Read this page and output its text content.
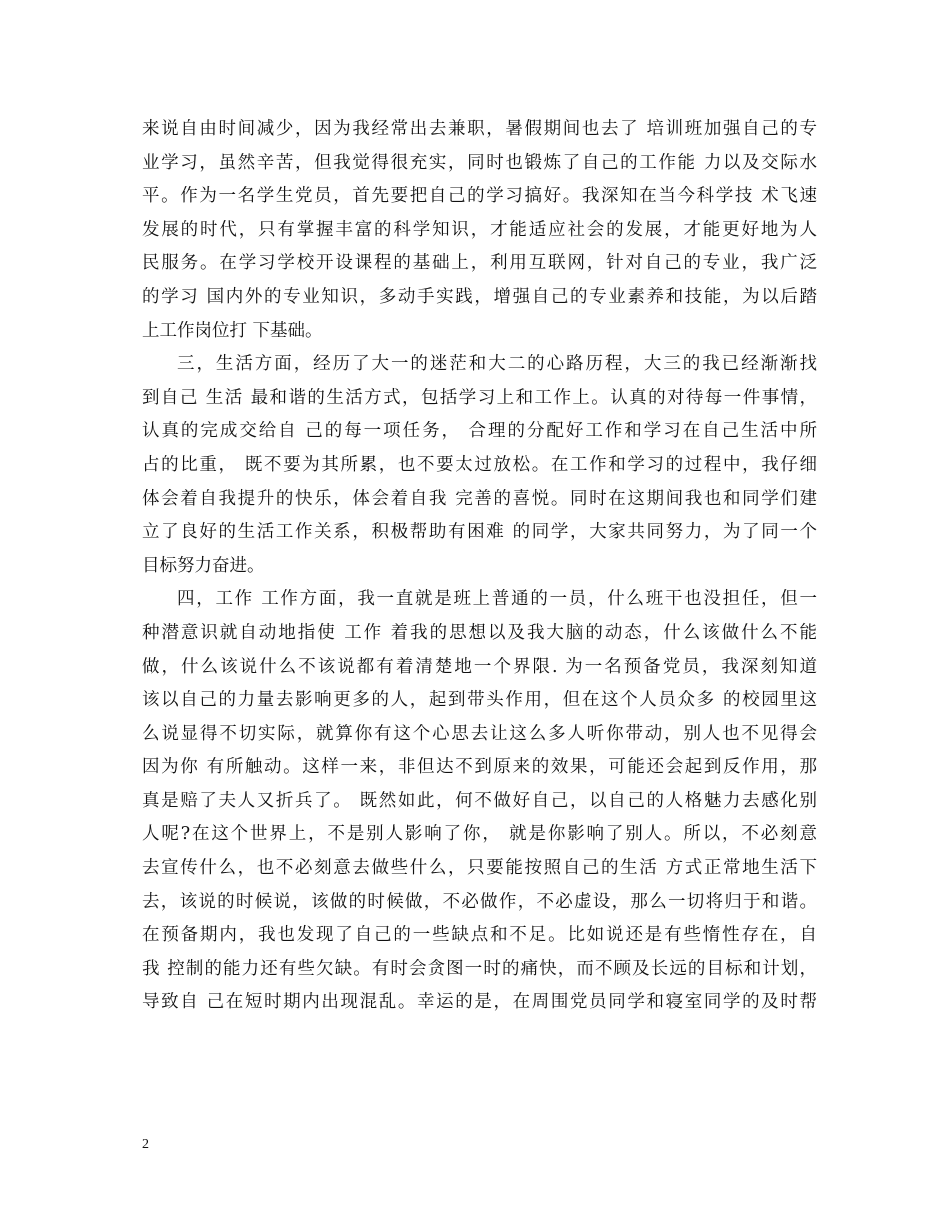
来说自由时间减少，因为我经常出去兼职，暑假期间也去了 培训班加强自己的专
业学习，虽然辛苦，但我觉得很充实，同时也锻炼了自己的工作能 力以及交际水
平。作为一名学生党员，首先要把自己的学习搞好。我深知在当今科学技 术飞速
发展的时代，只有掌握丰富的科学知识，才能适应社会的发展，才能更好地为人
民服务。在学习学校开设课程的基础上，利用互联网，针对自己的专业，我广泛
的学习 国内外的专业知识，多动手实践，增强自己的专业素养和技能，为以后踏
上工作岗位打 下基础。
三，生活方面，经历了大一的迷茫和大二的心路历程，大三的我已经渐渐找
到自己 生活 最和谐的生活方式，包括学习上和工作上。认真的对待每一件事情，
认真的完成交给自 己的每一项任务， 合理的分配好工作和学习在自己生活中所
占的比重， 既不要为其所累，也不要太过放松。在工作和学习的过程中，我仔细
体会着自我提升的快乐，体会着自我 完善的喜悦。同时在这期间我也和同学们建
立了良好的生活工作关系，积极帮助有困难 的同学，大家共同努力，为了同一个
目标努力奋进。
四，工作 工作方面，我一直就是班上普通的一员，什么班干也没担任，但一
种潜意识就自动地指使 工作 着我的思想以及我大脑的动态，什么该做什么不能
做，什么该说什么不该说都有着清楚地一个界限. 为一名预备党员，我深刻知道
该以自己的力量去影响更多的人，起到带头作用，但在这个人员众多 的校园里这
么说显得不切实际，就算你有这个心思去让这么多人听你带动，别人也不见得会
因为你 有所触动。这样一来，非但达不到原来的效果，可能还会起到反作用，那
真是赔了夫人又折兵了。 既然如此，何不做好自己，以自己的人格魅力去感化别
人呢?在这个世界上，不是别人影响了你， 就是你影响了别人。所以，不必刻意
去宣传什么，也不必刻意去做些什么，只要能按照自己的生活 方式正常地生活下
去，该说的时候说，该做的时候做，不必做作，不必虚设，那么一切将归于和谐。
在预备期内，我也发现了自己的一些缺点和不足。比如说还是有些惰性存在，自
我 控制的能力还有些欠缺。有时会贪图一时的痛快，而不顾及长远的目标和计划，
导致自 己在短时期内出现混乱。幸运的是，在周围党员同学和寝室同学的及时帮
2
